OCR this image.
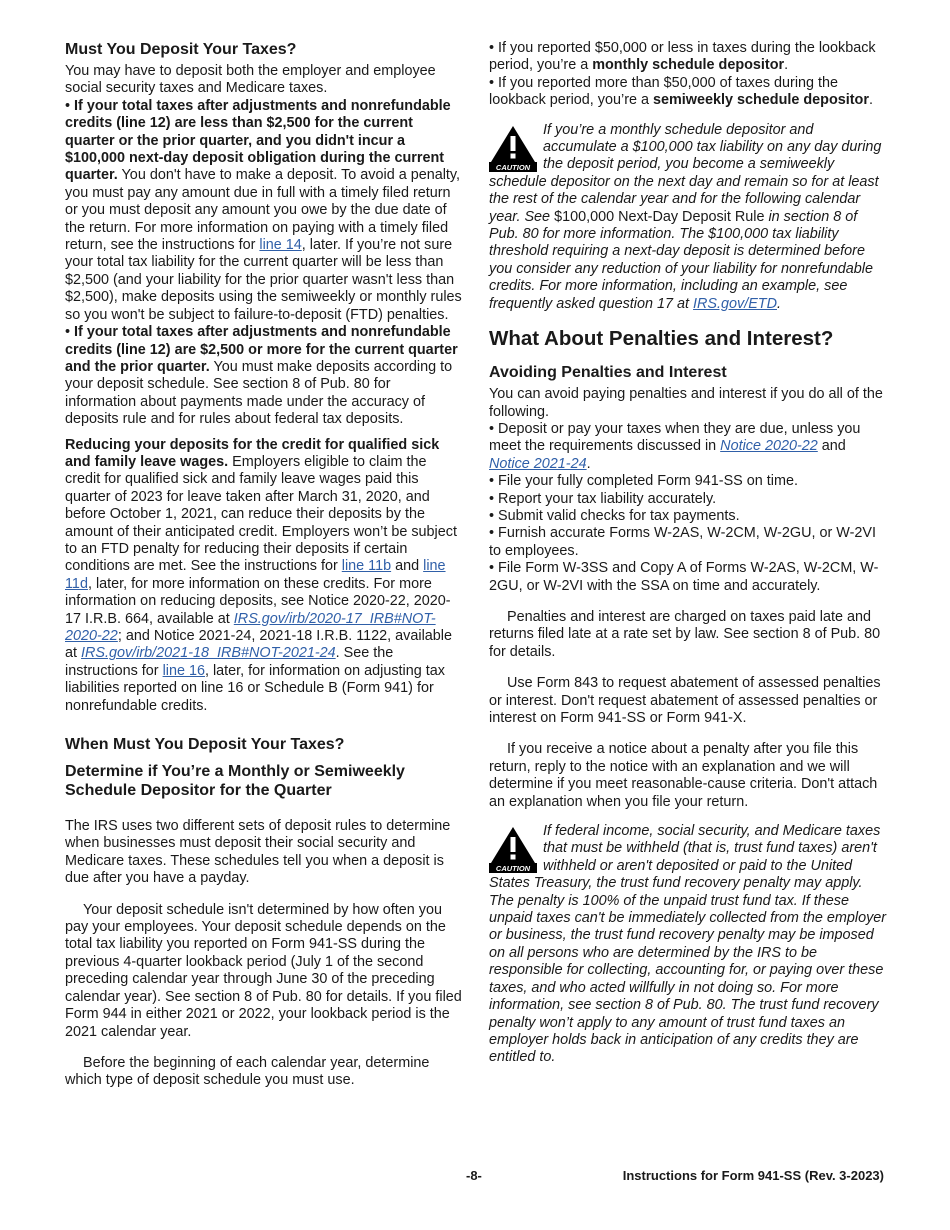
Must You Deposit Your Taxes?

You may have to deposit both the employer and employee social security taxes and Medicare taxes.
• If your total taxes after adjustments and nonrefundable credits (line 12) are less than $2,500 for the current quarter or the prior quarter, and you didn't incur a $100,000 next-day deposit obligation during the current quarter. You don't have to make a deposit. To avoid a penalty, you must pay any amount due in full with a timely filed return or you must deposit any amount you owe by the due date of the return. For more information on paying with a timely filed return, see the instructions for line 14, later. If you’re not sure your total tax liability for the current quarter will be less than $2,500 (and your liability for the prior quarter wasn't less than $2,500), make deposits using the semiweekly or monthly rules so you won't be subject to failure-to-deposit (FTD) penalties.
• If your total taxes after adjustments and nonrefundable credits (line 12) are $2,500 or more for the current quarter and the prior quarter. You must make deposits according to your deposit schedule. See section 8 of Pub. 80 for information about payments made under the accuracy of deposits rule and for rules about federal tax deposits.

Reducing your deposits for the credit for qualified sick and family leave wages. Employers eligible to claim the credit for qualified sick and family leave wages paid this quarter of 2023 for leave taken after March 31, 2020, and before October 1, 2021, can reduce their deposits by the amount of their anticipated credit. Employers won’t be subject to an FTD penalty for reducing their deposits if certain conditions are met. See the instructions for line 11b and line 11d, later, for more information on these credits. For more information on reducing deposits, see Notice 2020-22, 2020-17 I.R.B. 664, available at IRS.gov/irb/2020-17_IRB#NOT-2020-22; and Notice 2021-24, 2021-18 I.R.B. 1122, available at IRS.gov/irb/2021-18_IRB#NOT-2021-24. See the instructions for line 16, later, for information on adjusting tax liabilities reported on line 16 or Schedule B (Form 941) for nonrefundable credits.

When Must You Deposit Your Taxes?
Determine if You’re a Monthly or Semiweekly Schedule Depositor for the Quarter

The IRS uses two different sets of deposit rules to determine when businesses must deposit their social security and Medicare taxes. These schedules tell you when a deposit is due after you have a payday.

Your deposit schedule isn't determined by how often you pay your employees. Your deposit schedule depends on the total tax liability you reported on Form 941-SS during the previous 4-quarter lookback period (July 1 of the second preceding calendar year through June 30 of the preceding calendar year). See section 8 of Pub. 80 for details. If you filed Form 944 in either 2021 or 2022, your lookback period is the 2021 calendar year.

Before the beginning of each calendar year, determine which type of deposit schedule you must use.

• If you reported $50,000 or less in taxes during the lookback period, you’re a monthly schedule depositor.
• If you reported more than $50,000 of taxes during the lookback period, you’re a semiweekly schedule depositor.

CAUTION
If you’re a monthly schedule depositor and accumulate a $100,000 tax liability on any day during the deposit period, you become a semiweekly schedule depositor on the next day and remain so for at least the rest of the calendar year and for the following calendar year. See $100,000 Next-Day Deposit Rule in section 8 of Pub. 80 for more information. The $100,000 tax liability threshold requiring a next-day deposit is determined before you consider any reduction of your liability for nonrefundable credits. For more information, including an example, see frequently asked question 17 at IRS.gov/ETD.
What About Penalties and Interest?
Avoiding Penalties and Interest

You can avoid paying penalties and interest if you do all of the following.
• Deposit or pay your taxes when they are due, unless you meet the requirements discussed in Notice 2020-22 and Notice 2021-24.
• File your fully completed Form 941-SS on time.
• Report your tax liability accurately.
• Submit valid checks for tax payments.
• Furnish accurate Forms W-2AS, W-2CM, W-2GU, or W-2VI to employees.
• File Form W-3SS and Copy A of Forms W-2AS, W-2CM, W-2GU, or W-2VI with the SSA on time and accurately.

Penalties and interest are charged on taxes paid late and returns filed late at a rate set by law. See section 8 of Pub. 80 for details.

Use Form 843 to request abatement of assessed penalties or interest. Don't request abatement of assessed penalties or interest on Form 941-SS or Form 941-X.

If you receive a notice about a penalty after you file this return, reply to the notice with an explanation and we will determine if you meet reasonable-cause criteria. Don't attach an explanation when you file your return.

CAUTION
If federal income, social security, and Medicare taxes that must be withheld (that is, trust fund taxes) aren't withheld or aren't deposited or paid to the United States Treasury, the trust fund recovery penalty may apply. The penalty is 100% of the unpaid trust fund tax. If these unpaid taxes can't be immediately collected from the employer or business, the trust fund recovery penalty may be imposed on all persons who are determined by the IRS to be responsible for collecting, accounting for, or paying over these taxes, and who acted willfully in not doing so. For more information, see section 8 of Pub. 80. The trust fund recovery penalty won’t apply to any amount of trust fund taxes an employer holds back in anticipation of any credits they are entitled to.
-8-	Instructions for Form 941-SS (Rev. 3-2023)
